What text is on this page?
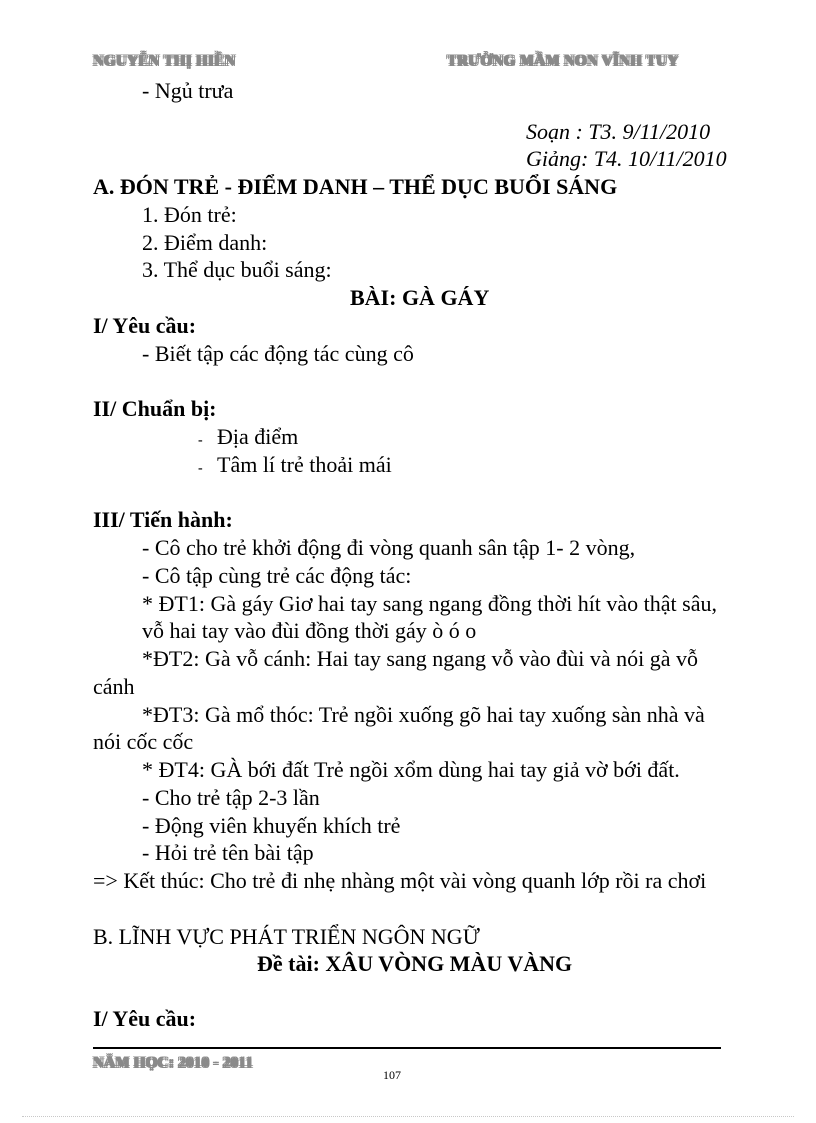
NGUYỄN THỊ HIỀN	TRƯỜNG MẦM NON VĨNH TUY
- Ngủ trưa
Soạn : T3. 9/11/2010
Giảng: T4. 10/11/2010
A. ĐÓN TRẺ - ĐIỂM DANH – THỂ DỤC BUỔI SÁNG
1. Đón trẻ:
2. Điểm danh:
3. Thể dục buổi sáng:
BÀI: GÀ GÁY
I/ Yêu cầu:
- Biết tập các động tác cùng cô
II/ Chuẩn bị:
- Địa điểm
- Tâm lí trẻ thoải mái
III/ Tiến hành:
- Cô cho trẻ khởi động đi vòng quanh sân tập 1- 2 vòng,
- Cô tập cùng trẻ các động tác:
* ĐT1: Gà gáy Giơ hai tay sang ngang đồng thời hít vào thật sâu,
vỗ hai tay vào đùi đồng thời gáy ò ó o
*ĐT2: Gà vỗ cánh: Hai tay sang ngang vỗ vào đùi và nói gà vỗ
cánh
*ĐT3: Gà mổ thóc: Trẻ ngồi xuống gõ hai tay xuống sàn nhà và
nói cốc cốc
* ĐT4: GÀ bới đất Trẻ ngồi xổm dùng hai tay giả vờ bới đất.
- Cho trẻ tập 2-3 lần
- Động viên khuyến khích trẻ
- Hỏi trẻ tên bài tập
=> Kết thúc: Cho trẻ đi nhẹ nhàng một vài vòng quanh lớp rồi ra chơi
B. LĨNH VỰC PHÁT TRIỂN NGÔN NGỮ
Đề tài: XÂU VÒNG MÀU VÀNG
I/ Yêu cầu:
NĂM HỌC: 2010 - 2011
107
